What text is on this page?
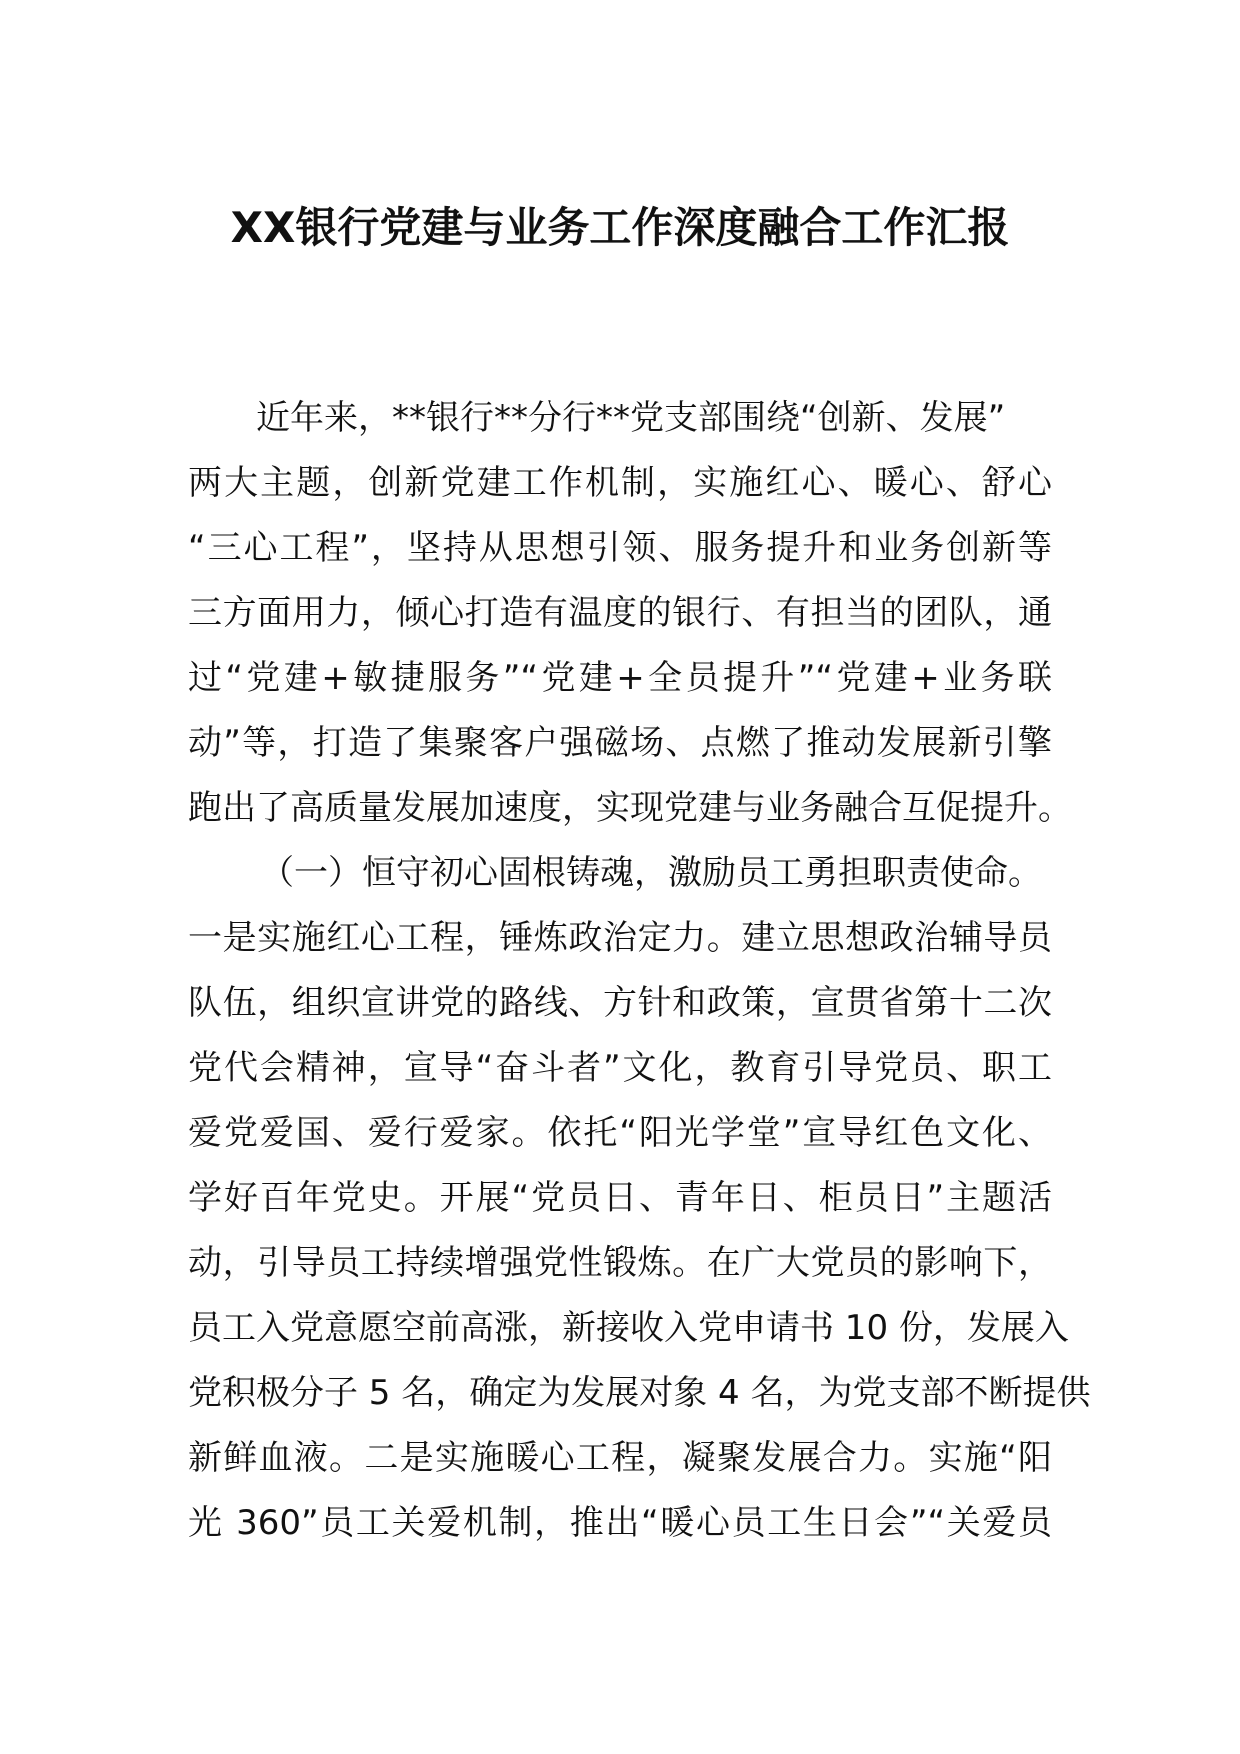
XX银行党建与业务工作深度融合工作汇报
近年来，**银行**分行**党支部围绕“创新、发展”
两大主题，创新党建工作机制，实施红心、暖心、舒心
“三心工程”，坚持从思想引领、服务提升和业务创新等
三方面用力，倾心打造有温度的银行、有担当的团队，通
过“党建+敏捷服务”“党建+全员提升”“党建+业务联
动”等，打造了集聚客户强磁场、点燃了推动发展新引擎
跑出了高质量发展加速度，实现党建与业务融合互促提升。
（一）恒守初心固根铸魂，激励员工勇担职责使命。
一是实施红心工程，锤炼政治定力。建立思想政治辅导员
队伍，组织宣讲党的路线、方针和政策，宣贯省第十二次
党代会精神，宣导“奋斗者”文化，教育引导党员、职工
爱党爱国、爱行爱家。依托“阳光学堂”宣导红色文化、
学好百年党史。开展“党员日、青年日、柜员日”主题活
动，引导员工持续增强党性锻炼。在广大党员的影响下，
员工入党意愿空前高涨，新接收入党申请书 10 份，发展入
党积极分子 5 名，确定为发展对象 4 名，为党支部不断提供
新鲜血液。二是实施暖心工程，凝聚发展合力。实施“阳
光 360”员工关爱机制，推出“暖心员工生日会”“关爱员
